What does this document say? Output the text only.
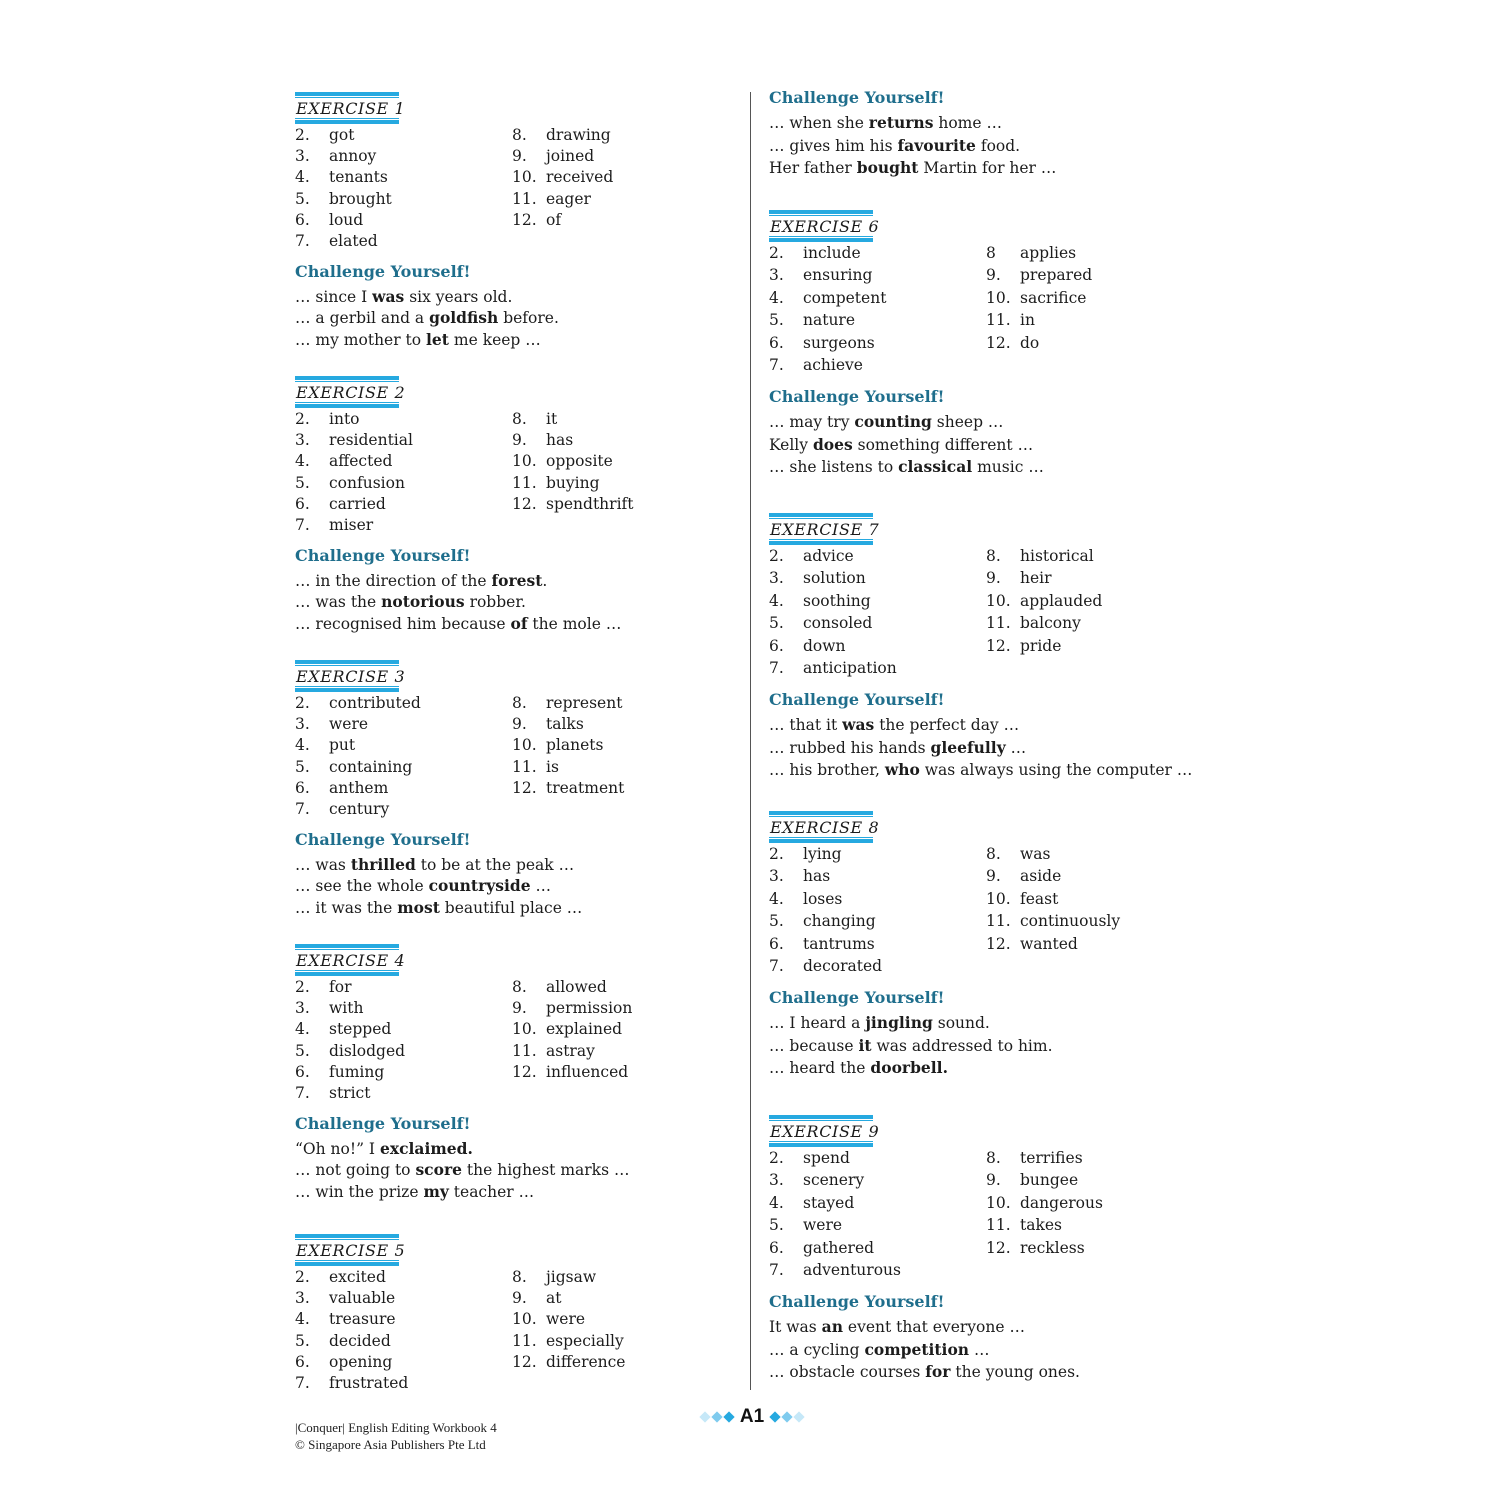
EXERCISE 1
2. got
3. annoy
4. tenants
5. brought
6. loud
7. elated
8. drawing
9. joined
10. received
11. eager
12. of
Challenge Yourself!
… since I was six years old.
… a gerbil and a goldfish before.
… my mother to let me keep …
EXERCISE 2
2. into
3. residential
4. affected
5. confusion
6. carried
7. miser
8. it
9. has
10. opposite
11. buying
12. spendthrift
Challenge Yourself!
… in the direction of the forest.
… was the notorious robber.
… recognised him because of the mole …
EXERCISE 3
2. contributed
3. were
4. put
5. containing
6. anthem
7. century
8. represent
9. talks
10. planets
11. is
12. treatment
Challenge Yourself!
… was thrilled to be at the peak …
… see the whole countryside …
… it was the most beautiful place …
EXERCISE 4
2. for
3. with
4. stepped
5. dislodged
6. fuming
7. strict
8. allowed
9. permission
10. explained
11. astray
12. influenced
Challenge Yourself!
“Oh no!” I exclaimed.
… not going to score the highest marks …
… win the prize my teacher …
EXERCISE 5
2. excited
3. valuable
4. treasure
5. decided
6. opening
7. frustrated
8. jigsaw
9. at
10. were
11. especially
12. difference
Challenge Yourself!
… when she returns home …
… gives him his favourite food.
Her father bought Martin for her …
EXERCISE 6
2. include
3. ensuring
4. competent
5. nature
6. surgeons
7. achieve
8 applies
9. prepared
10. sacrifice
11. in
12. do
Challenge Yourself!
… may try counting sheep …
Kelly does something different …
… she listens to classical music …
EXERCISE 7
2. advice
3. solution
4. soothing
5. consoled
6. down
7. anticipation
8. historical
9. heir
10. applauded
11. balcony
12. pride
Challenge Yourself!
… that it was the perfect day …
… rubbed his hands gleefully …
… his brother, who was always using the computer …
EXERCISE 8
2. lying
3. has
4. loses
5. changing
6. tantrums
7. decorated
8. was
9. aside
10. feast
11. continuously
12. wanted
Challenge Yourself!
… I heard a jingling sound.
… because it was addressed to him.
… heard the doorbell.
EXERCISE 9
2. spend
3. scenery
4. stayed
5. were
6. gathered
7. adventurous
8. terrifies
9. bungee
10. dangerous
11. takes
12. reckless
Challenge Yourself!
It was an event that everyone …
… a cycling competition …
… obstacle courses for the young ones.
|Conquer| English Editing Workbook 4
© Singapore Asia Publishers Pte Ltd
A1
